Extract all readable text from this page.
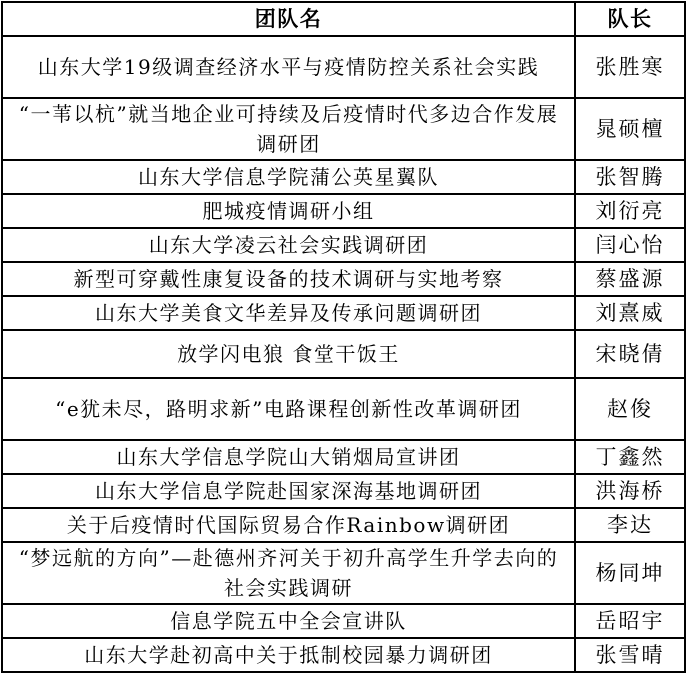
团队名	队长
山东大学19级调查经济水平与疫情防控关系社会实践	张胜寒
“一苇以杭”就当地企业可持续及后疫情时代多边合作发展调研团	晁硕檀
山东大学信息学院蒲公英星翼队	张智腾
肥城疫情调研小组	刘衍亮
山东大学凌云社会实践调研团	闫心怡
新型可穿戴性康复设备的技术调研与实地考察	蔡盛源
山东大学美食文华差异及传承问题调研团	刘熹威
放学闪电狼 食堂干饭王	宋晓倩
“e犹未尽，路明求新”电路课程创新性改革调研团	赵俊
山东大学信息学院山大销烟局宣讲团	丁鑫然
山东大学信息学院赴国家深海基地调研团	洪海桥
关于后疫情时代国际贸易合作Rainbow调研团	李达
“梦远航的方向”—赴德州齐河关于初升高学生升学去向的社会实践调研	杨同坤
信息学院五中全会宣讲队	岳昭宇
山东大学赴初高中关于抵制校园暴力调研团	张雪晴
